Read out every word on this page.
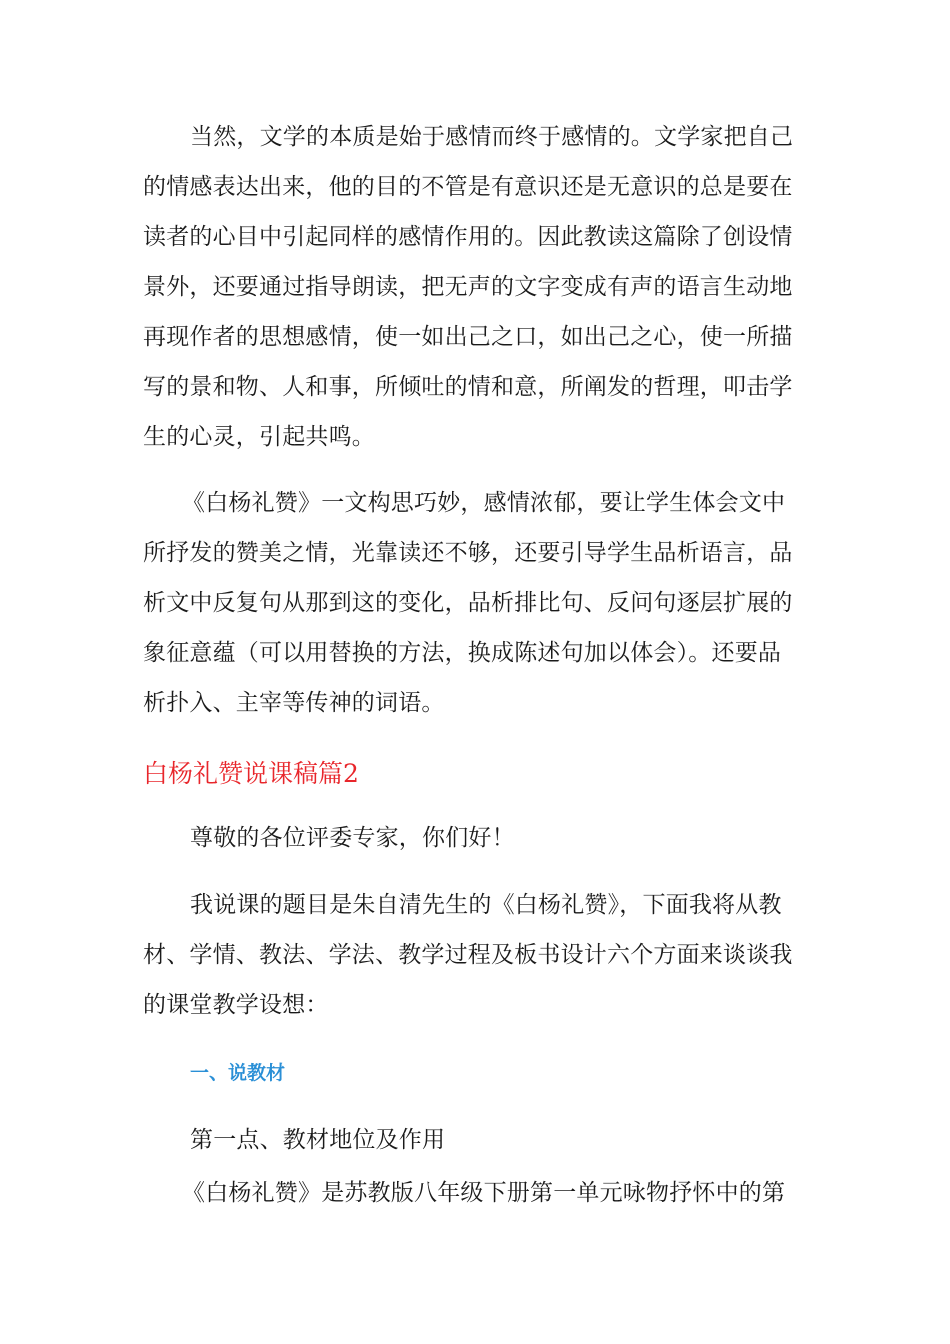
当然，文学的本质是始于感情而终于感情的。文学家把自己
的情感表达出来，他的目的不管是有意识还是无意识的总是要在
读者的心目中引起同样的感情作用的。因此教读这篇除了创设情
景外，还要通过指导朗读，把无声的文字变成有声的语言生动地
再现作者的思想感情，使一如出己之口，如出己之心，使一所描
写的景和物、人和事，所倾吐的情和意，所阐发的哲理，叩击学
生的心灵，引起共鸣。
《白杨礼赞》一文构思巧妙，感情浓郁，要让学生体会文中
所抒发的赞美之情，光靠读还不够，还要引导学生品析语言，品
析文中反复句从那到这的变化，品析排比句、反问句逐层扩展的
象征意蕴（可以用替换的方法，换成陈述句加以体会）。还要品
析扑入、主宰等传神的词语。
白杨礼赞说课稿篇2
尊敬的各位评委专家，你们好！
我说课的题目是朱自清先生的《白杨礼赞》，下面我将从教
材、学情、教法、学法、教学过程及板书设计六个方面来谈谈我
的课堂教学设想：
一、说教材
第一点、教材地位及作用
《白杨礼赞》是苏教版八年级下册第一单元咏物抒怀中的第
